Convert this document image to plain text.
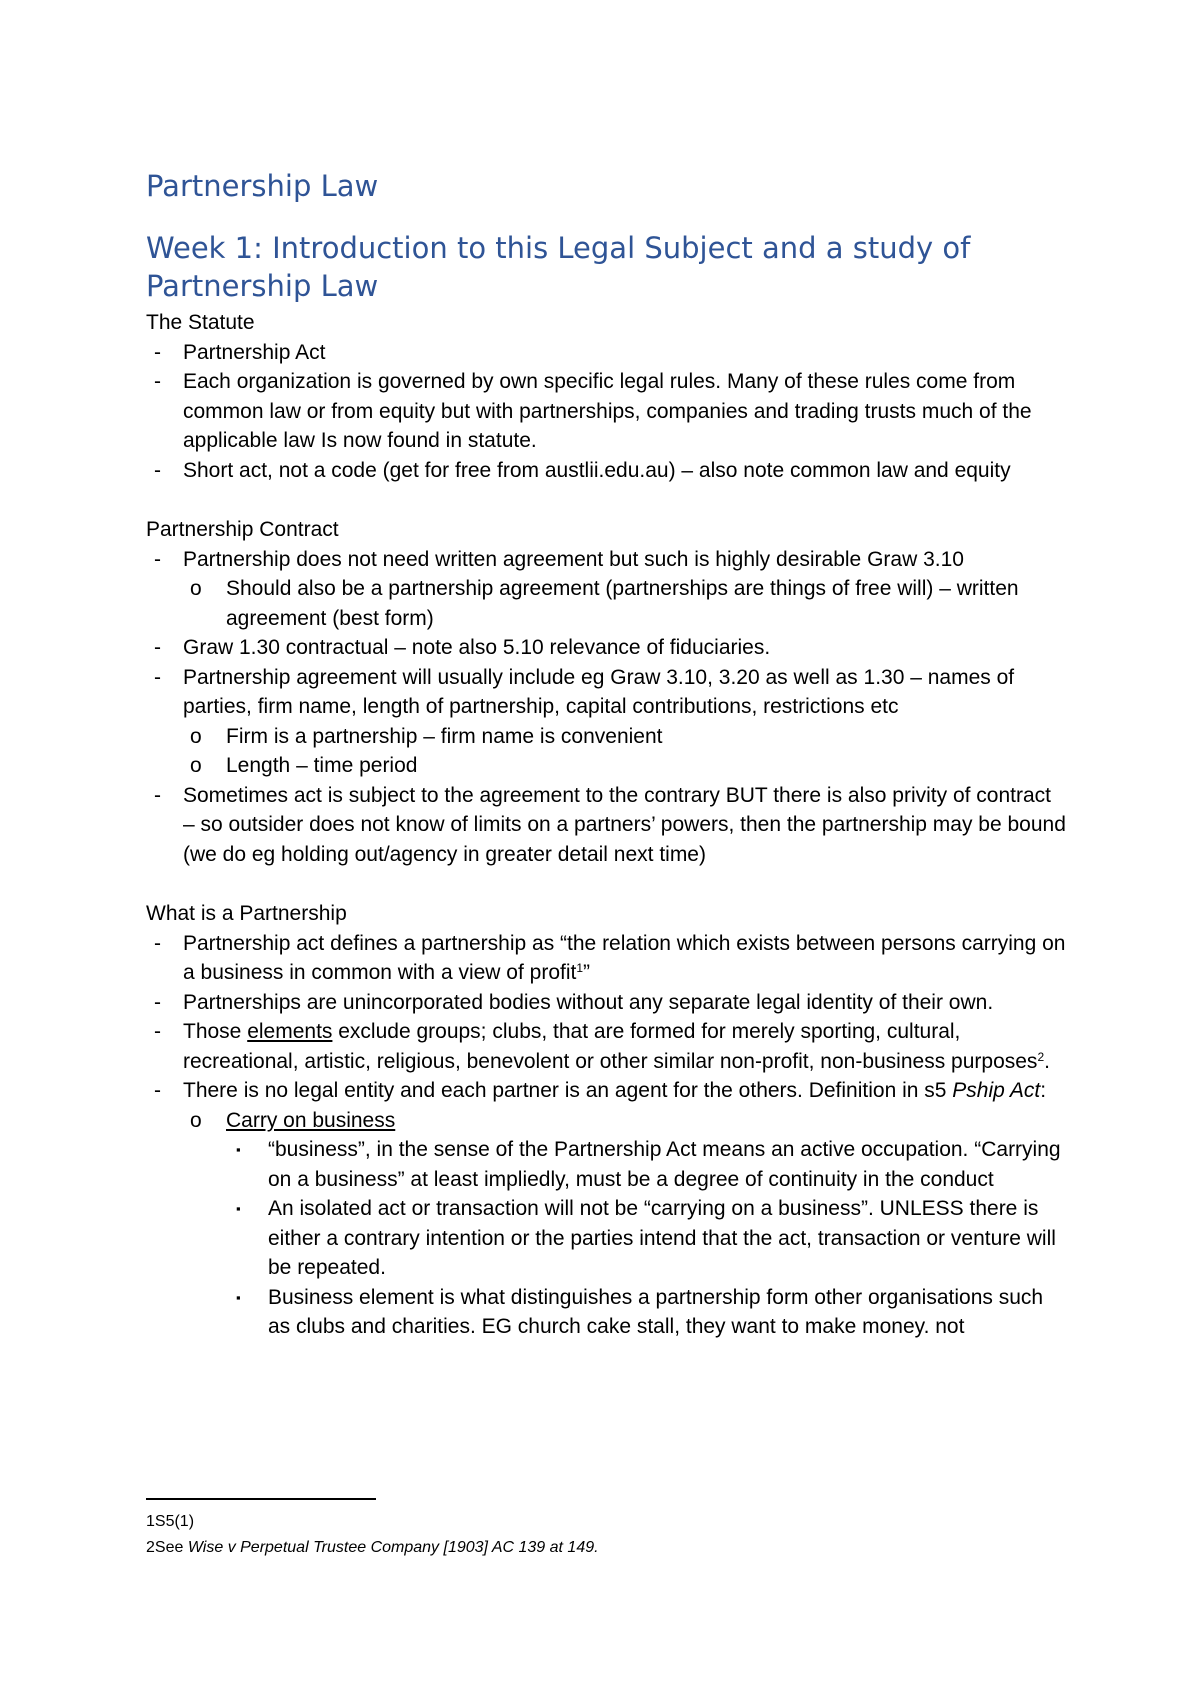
Partnership Law
Week 1: Introduction to this Legal Subject and a study of Partnership Law

The Statute

- Partnership Act
- Each organization is governed by own specific legal rules. Many of these rules come from common law or from equity but with partnerships, companies and trading trusts much of the applicable law Is now found in statute.
- Short act, not a code (get for free from austlii.edu.au) – also note common law and equity

Partnership Contract

- Partnership does not need written agreement but such is highly desirable Graw 3.10
o Should also be a partnership agreement (partnerships are things of free will) – written agreement (best form)
- Graw 1.30 contractual – note also 5.10 relevance of fiduciaries.
- Partnership agreement will usually include eg Graw 3.10, 3.20 as well as 1.30 – names of parties, firm name, length of partnership, capital contributions, restrictions etc
o Firm is a partnership – firm name is convenient
o Length – time period
- Sometimes act is subject to the agreement to the contrary BUT there is also privity of contract – so outsider does not know of limits on a partners’ powers, then the partnership may be bound (we do eg holding out/agency in greater detail next time)

What is a Partnership

- Partnership act defines a partnership as “the relation which exists between persons carrying on a business in common with a view of profit$^1$”
- Partnerships are unincorporated bodies without any separate legal identity of their own.
- Those elements exclude groups; clubs, that are formed for merely sporting, cultural, recreational, artistic, religious, benevolent or other similar non-profit, non-business purposes$^2$.
- There is no legal entity and each partner is an agent for the others. Definition in s5 Pship Act:
o Carry on business
▪ “business”, in the sense of the Partnership Act means an active occupation. “Carrying on a business” at least impliedly, must be a degree of continuity in the conduct
▪ An isolated act or transaction will not be “carrying on a business”. UNLESS there is either a contrary intention or the parties intend that the act, transaction or venture will be repeated.
▪ Business element is what distinguishes a partnership form other organisations such as clubs and charities. EG church cake stall, they want to make money. not
1S5(1)
2See Wise v Perpetual Trustee Company [1903] AC 139 at 149.
